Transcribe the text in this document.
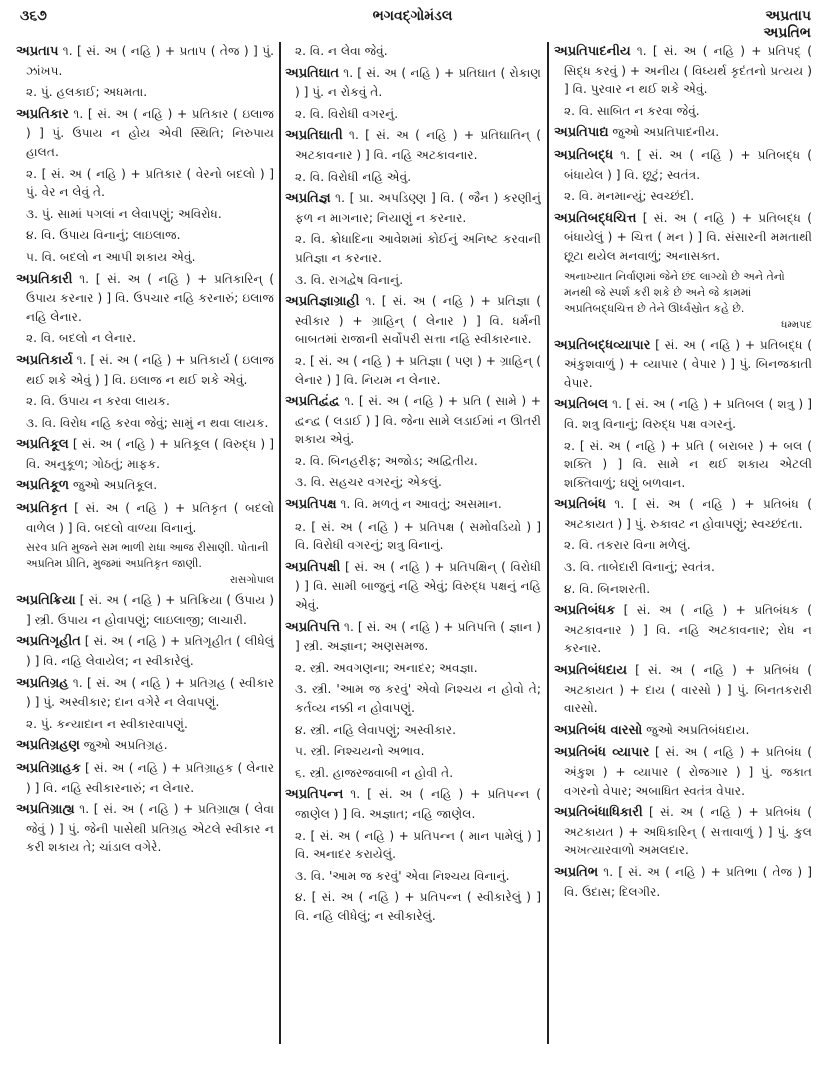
૩૬૭	ભગવદ્ગોમંડલ	અપ્રતાપ
અપ્રતિભ

અપ્રતાપ ૧. [ સં. અ ( નહિ ) + પ્રતાપ ( તેજ ) ] પું. ઝાંખપ.

૨. પું. હલકાઈ; અધમતા.

અપ્રતિકાર ૧. [ સં. અ ( નહિ ) + પ્રતિકાર ( ઇલાજ ) ] પું. ઉપાય ન હોય એવી સ્થિતિ; નિરુપાય હાલત.

૨. [ સં. અ ( નહિ ) + પ્રતિકાર ( વેરનો બદલો ) ] પું. વેર ન લેવું તે.

૩. પું. સામાં પગલાં ન લેવાપણું; અવિરોધ.

૪. વિ. ઉપાય વિનાનું; લાઇલાજ.

૫. વિ. બદલો ન આપી શકાય એવું.

અપ્રતિકારી ૧. [ સં. અ ( નહિ ) + પ્રતિકારિન્ ( ઉપાય કરનાર ) ] વિ. ઉપચાર નહિ કરનારું; ઇલાજ નહિ લેનાર.

૨. વિ. બદલો ન લેનાર.

અપ્રતિકાર્ય ૧. [ સં. અ ( નહિ ) + પ્રતિકાર્ય ( ઇલાજ થઈ શકે એવું ) ] વિ. ઇલાજ ન થઈ શકે એવું.

૨. વિ. ઉપાય ન કરવા લાયક.

૩. વિ. વિરોધ નહિ કરવા જેવું; સામું ન થવા લાયક.

અપ્રતિકૂલ [ સં. અ ( નહિ ) + પ્રતિકૂલ ( વિરુદ્ધ ) ] વિ. અનુકૂળ; ગોઠતું; માફક.

અપ્રતિકૂળ જુઓ અપ્રતિકૂલ.

અપ્રતિકૃત [ સં. અ ( નહિ ) + પ્રતિકૃત ( બદલો વાળેલ ) ] વિ. બદલો વાળ્યા વિનાનું.

સરવ પ્રતિ મુજને સમ ભાળી રાધા આજ રીસાણી. પોતાની અપ્રતિમ પ્રીતિ, મુજમાં અપ્રતિકૃત જાણી.
રાસગોપાલ

અપ્રતિક્રિયા [ સં. અ ( નહિ ) + પ્રતિક્રિયા ( ઉપાય ) ] સ્ત્રી. ઉપાય ન હોવાપણું; લાઇલાજી; લાચારી.

અપ્રતિગૃહીત [ સં. અ ( નહિ ) + પ્રતિગૃહીત ( લીધેલું ) ] વિ. નહિ લેવાયેલ; ન સ્વીકારેલું.

અપ્રતિગ્રહ ૧. [ સં. અ ( નહિ ) + પ્રતિગ્રહ ( સ્વીકાર ) ] પું. અસ્વીકાર; દાન વગેરે ન લેવાપણું.

૨. પું. કન્યાદાન ન સ્વીકારવાપણું.

અપ્રતિગ્રહણ જુઓ અપ્રતિગ્રહ.

અપ્રતિગ્રાહક [ સં. અ ( નહિ ) + પ્રતિગ્રાહક ( લેનાર ) ] વિ. નહિ સ્વીકારનારું; ન લેનાર.

અપ્રતિગ્રાહ્ય ૧. [ સં. અ ( નહિ ) + પ્રતિગ્રાહ્ય ( લેવા જેવું ) ] પું. જેની પાસેથી પ્રતિગ્રહ એટલે સ્વીકાર ન કરી શકાય તે; ચાંડાલ વગેરે.

૨. વિ. ન લેવા જેવું.

અપ્રતિઘાત ૧. [ સં. અ ( નહિ ) + પ્રતિઘાત ( રોકાણ ) ] પું. ન રોકવું તે.

૨. વિ. વિરોધી વગરનું.

અપ્રતિઘાતી ૧. [ સં. અ ( નહિ ) + પ્રતિઘાતિન્ ( અટકાવનાર ) ] વિ. નહિ અટકાવનાર.

૨. વિ. વિરોધી નહિ એવું.

અપ્રતિજ્ઞ ૧. [ પ્રા. અપડિણ્ણ ] વિ. ( જૈન ) કરણીનું ફળ ન માગનાર; નિયાણું ન કરનાર.

૨. વિ. ક્રોધાદિના આવેશમાં કોઈનું અનિષ્ટ કરવાની પ્રતિજ્ઞા ન કરનાર.

૩. વિ. રાગદ્વેષ વિનાનું.

અપ્રતિજ્ઞાગ્રાહી ૧. [ સં. અ ( નહિ ) + પ્રતિજ્ઞા ( સ્વીકાર ) + ગ્રાહિન્ ( લેનાર ) ] વિ. ધર્મની બાબતમાં રાજાની સર્વોપરી સત્તા નહિ સ્વીકારનાર.

૨. [ સં. અ ( નહિ ) + પ્રતિજ્ઞા ( પણ ) + ગ્રાહિન્ ( લેનાર ) ] વિ. નિયમ ન લેનાર.

અપ્રતિદ્વંદ્વ ૧. [ સં. અ ( નહિ ) + પ્રતિ ( સામે ) + દ્વન્દ્વ ( લડાઈ ) ] વિ. જેના સામે લડાઈમાં ન ઊતરી શકાય એવું.

૨. વિ. બિનહરીફ; અજોડ; અદ્વિતીય.

૩. વિ. સહચર વગરનું; એકલું.

અપ્રતિપક્ષ ૧. વિ. મળતું ન આવતું; અસમાન.

૨. [ સં. અ ( નહિ ) + પ્રતિપક્ષ ( સમોવડિયો ) ] વિ. વિરોધી વગરનું; શત્રુ વિનાનું.

અપ્રતિપક્ષી [ સં. અ ( નહિ ) + પ્રતિપક્ષિન્ ( વિરોધી ) ] વિ. સામી બાજુનું નહિ એવું; વિરુદ્ધ પક્ષનું નહિ એવું.

અપ્રતિપત્તિ ૧. [ સં. અ ( નહિ ) + પ્રતિપત્તિ ( જ્ઞાન ) ] સ્ત્રી. અજ્ઞાન; અણસમજ.

૨. સ્ત્રી. અવગણના; અનાદર; અવજ્ઞા.

૩. સ્ત્રી. 'આમ જ કરવું' એવો નિશ્ચય ન હોવો તે; કર્તવ્ય નક્કી ન હોવાપણું.

૪. સ્ત્રી. નહિ લેવાપણું; અસ્વીકાર.

૫. સ્ત્રી. નિશ્ચયનો અભાવ.

૬. સ્ત્રી. હાજરજવાબી ન હોવી તે.

અપ્રતિપન્ન ૧. [ સં. અ ( નહિ ) + પ્રતિપન્ન ( જાણેલ ) ] વિ. અજ્ઞાત; નહિ જાણેલ.

૨. [ સં. અ ( નહિ ) + પ્રતિપન્ન ( માન પામેલું ) ] વિ. અનાદર કરાયેલું.

૩. વિ. 'આમ જ કરવું' એવા નિશ્ચય વિનાનું.

૪. [ સં. અ ( નહિ ) + પ્રતિપન્ન ( સ્વીકારેલું ) ] વિ. નહિ લીધેલું; ન સ્વીકારેલું.

અપ્રતિપાદનીય ૧. [ સં. અ ( નહિ ) + પ્રતિપદ્ ( સિદ્ધ કરવું ) + અનીય ( વિધ્યર્થ કૃદંતનો પ્રત્યય ) ] વિ. પુરવાર ન થઈ શકે એવું.

૨. વિ. સાબિત ન કરવા જેવું.

અપ્રતિપાદ્ય જુઓ અપ્રતિપાદનીય.

અપ્રતિબદ્ધ ૧. [ સં. અ ( નહિ ) + પ્રતિબદ્ધ ( બંધાયેલ ) ] વિ. છૂટું; સ્વતંત્ર.

૨. વિ. મનમાન્યું; સ્વચ્છંદી.

અપ્રતિબદ્ધચિત્ત [ સં. અ ( નહિ ) + પ્રતિબદ્ધ ( બંધાયેલું ) + ચિત્ત ( મન ) ] વિ. સંસારની મમતાથી છૂટા થયેલ મનવાળું; અનાસક્ત.

અનાખ્યાત નિર્વાણમાં જેને છંદ લાગ્યો છે અને તેનો મનથી જે સ્પર્શ કરી શકે છે અને જે કામમાં અપ્રતિબદ્ધચિત્ત છે તેને ઊર્ધ્વસ્રોત કહે છે.
ધમ્મપદ

અપ્રતિબદ્ધવ્યાપાર [ સં. અ ( નહિ ) + પ્રતિબદ્ધ ( અંકુશવાળું ) + વ્યાપાર ( વેપાર ) ] પું. બિનજકાતી વેપાર.

અપ્રતિબલ ૧. [ સં. અ ( નહિ ) + પ્રતિબલ ( શત્રુ ) ] વિ. શત્રુ વિનાનું; વિરુદ્ધ પક્ષ વગરનું.

૨. [ સં. અ ( નહિ ) + પ્રતિ ( બરાબર ) + બલ ( શક્તિ ) ] વિ. સામે ન થઈ શકાય એટલી શક્તિવાળું; ઘણું બળવાન.

અપ્રતિબંધ ૧. [ સં. અ ( નહિ ) + પ્રતિબંધ ( અટકાયત ) ] પું. રુકાવટ ન હોવાપણું; સ્વચ્છંદતા.

૨. વિ. તકરાર વિના મળેલું.

૩. વિ. તાબેદારી વિનાનું; સ્વતંત્ર.

૪. વિ. બિનશરતી.

અપ્રતિબંધક [ સં. અ ( નહિ ) + પ્રતિબંધક ( અટકાવનાર ) ] વિ. નહિ અટકાવનાર; રોધ ન કરનાર.

અપ્રતિબંધદાય [ સં. અ ( નહિ ) + પ્રતિબંધ ( અટકાયત ) + દાય ( વારસો ) ] પું. બિનતકરારી વારસો.

અપ્રતિબંધ વારસો જુઓ અપ્રતિબંધદાય.

અપ્રતિબંધ વ્યાપાર [ સં. અ ( નહિ ) + પ્રતિબંધ ( અંકુશ ) + વ્યાપાર ( રોજગાર ) ] પું. જકાત વગરનો વેપાર; અબાધિત સ્વતંત્ર વેપાર.

અપ્રતિબંધાધિકારી [ સં. અ ( નહિ ) + પ્રતિબંધ ( અટકાયત ) + અધિકારિન્ ( સત્તાવાળું ) ] પું. કુલ અખત્યારવાળો અમલદાર.

અપ્રતિભ ૧. [ સં. અ ( નહિ ) + પ્રતિભા ( તેજ ) ] વિ. ઉદાસ; દિલગીર.
